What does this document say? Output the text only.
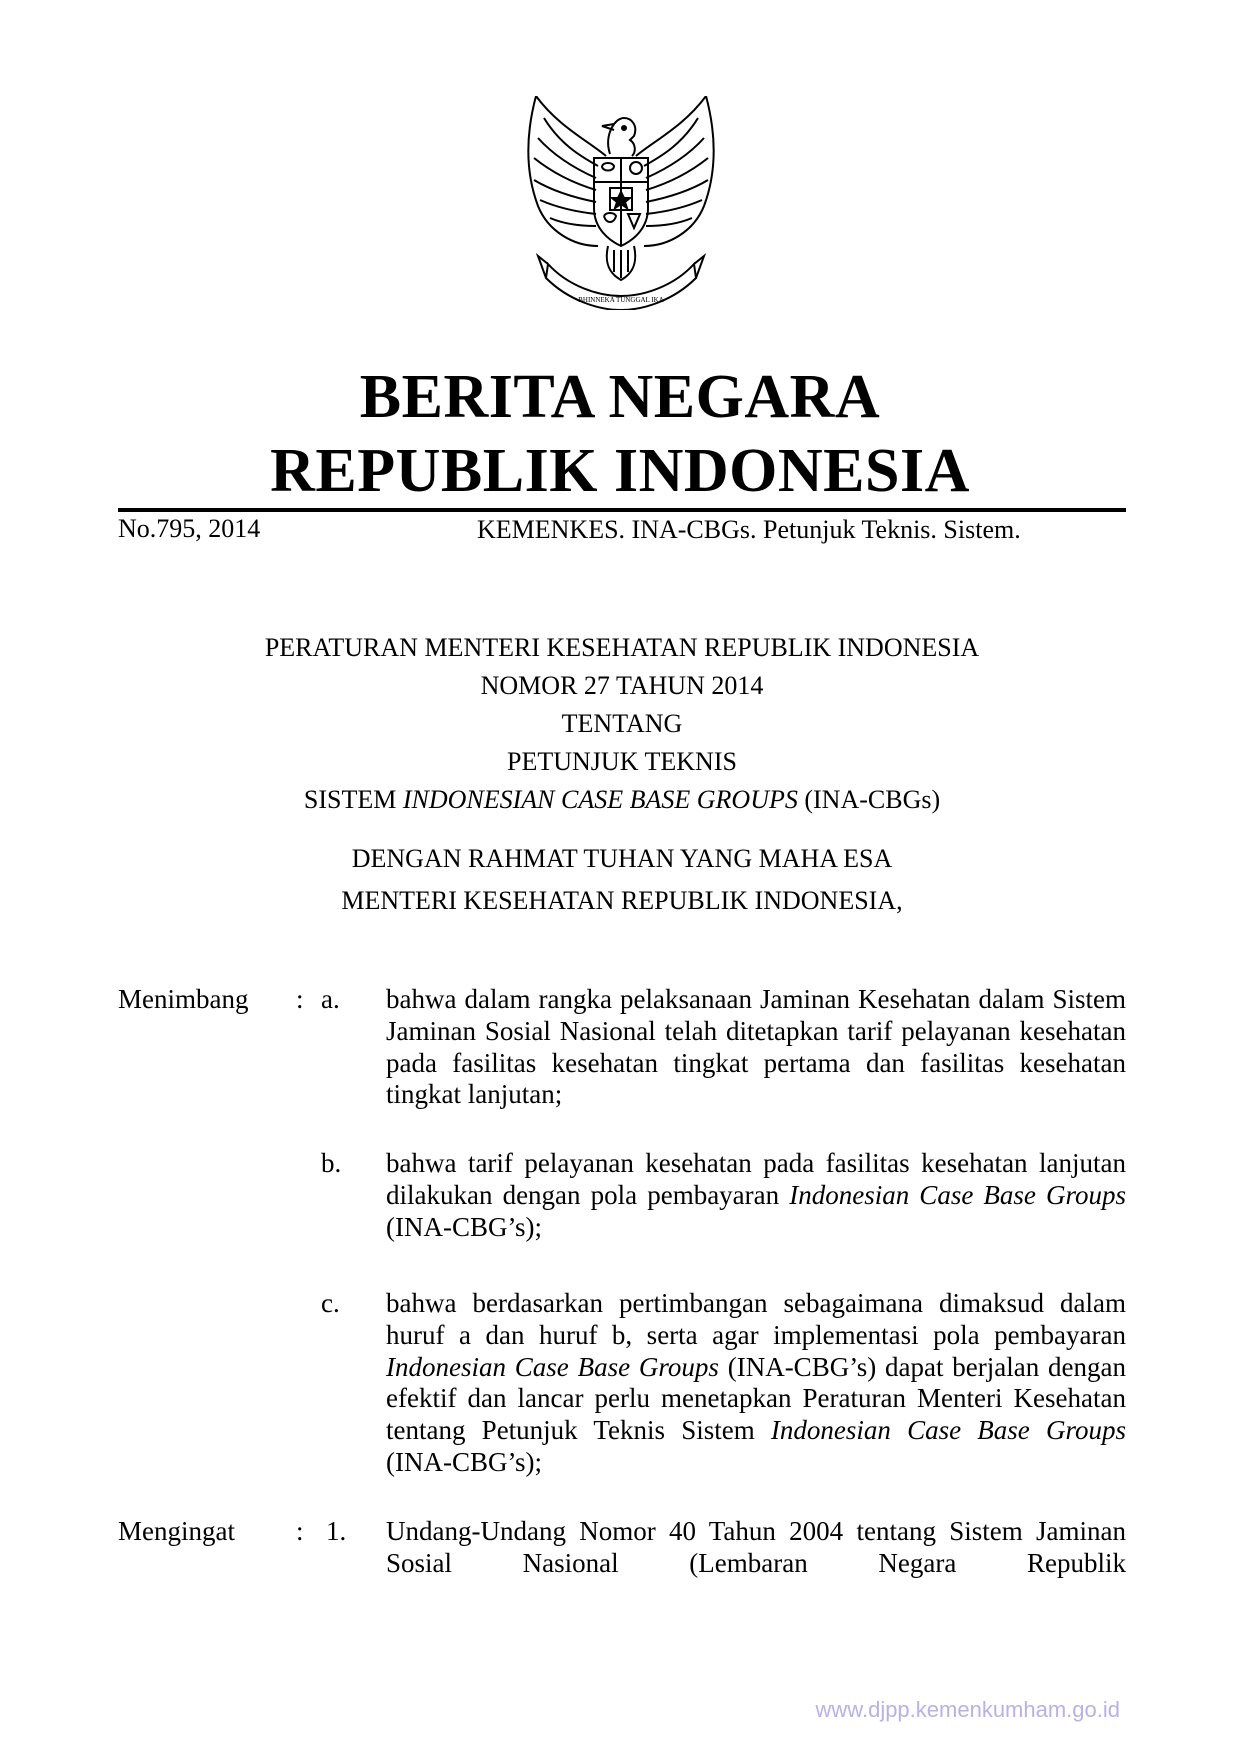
BHINNEKA TUNGGAL IKA
BERITA NEGARA
REPUBLIK INDONESIA
No.795, 2014	KEMENKES. INA-CBGs. Petunjuk Teknis. Sistem.
PERATURAN MENTERI KESEHATAN REPUBLIK INDONESIA
NOMOR 27 TAHUN 2014
TENTANG
PETUNJUK TEKNIS
SISTEM INDONESIAN CASE BASE GROUPS (INA-CBGs)
DENGAN RAHMAT TUHAN YANG MAHA ESA
MENTERI KESEHATAN REPUBLIK INDONESIA,
Menimbang : a. bahwa dalam rangka pelaksanaan Jaminan Kesehatan dalam Sistem Jaminan Sosial Nasional telah ditetapkan tarif pelayanan kesehatan pada fasilitas kesehatan tingkat pertama dan fasilitas kesehatan tingkat lanjutan;

b. bahwa tarif pelayanan kesehatan pada fasilitas kesehatan lanjutan dilakukan dengan pola pembayaran Indonesian Case Base Groups (INA-CBG’s);

c. bahwa berdasarkan pertimbangan sebagaimana dimaksud dalam huruf a dan huruf b, serta agar implementasi pola pembayaran Indonesian Case Base Groups (INA-CBG’s) dapat berjalan dengan efektif dan lancar perlu menetapkan Peraturan Menteri Kesehatan tentang Petunjuk Teknis Sistem Indonesian Case Base Groups (INA-CBG’s);

Mengingat : 1. Undang-Undang Nomor 40 Tahun 2004 tentang Sistem Jaminan Sosial Nasional (Lembaran Negara Republik

www.djpp.kemenkumham.go.id
